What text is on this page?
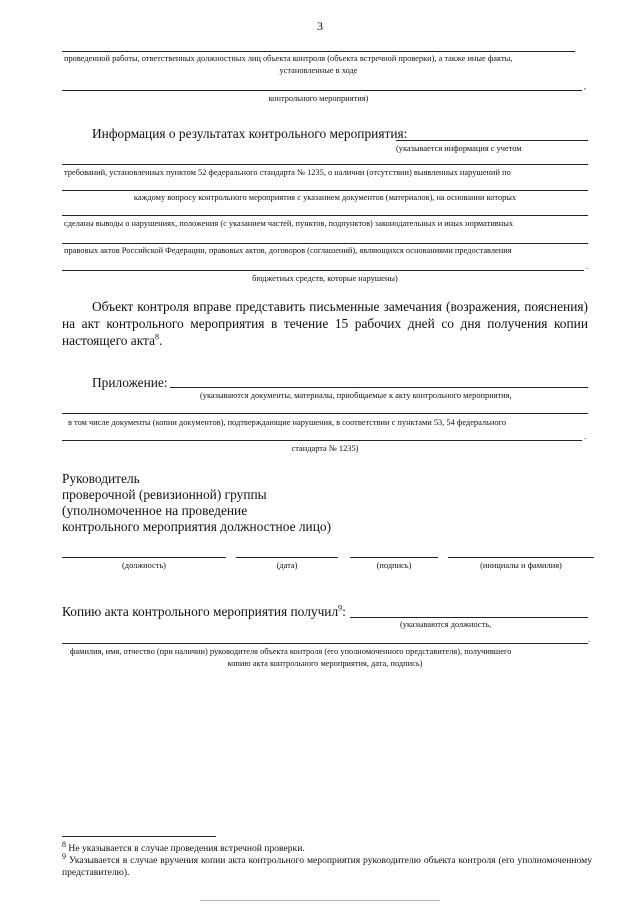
3
проведенной работы, ответственных должностных лиц объекта контроля (объекта встречной проверки), а также иные факты,
установленные в ходе
,
контрольного мероприятия)
Информация о результатах контрольного мероприятия:
(указывается информация с учетом
требований, установленных пунктом 52 федерального стандарта № 1235, о наличии (отсутствии) выявленных нарушений по
каждому вопросу контрольного мероприятия с указанием документов (материалов), на основании которых
сделаны выводы о нарушениях, положения (с указанием частей, пунктов, подпунктов) законодательных и иных нормативных
правовых актов Российской Федерации, правовых актов, договоров (соглашений), являющихся основаниями предоставления
.
бюджетных средств, которые нарушены)
Объект контроля вправе представить письменные замечания (возражения, пояснения) на акт контрольного мероприятия в течение 15 рабочих дней со дня получения копии настоящего акта$^8$.
Приложение:
(указываются документы, материалы, приобщаемые к акту контрольного мероприятия,
в том числе документы (копии документов), подтверждающие нарушения, в соответствии с пунктами 53, 54 федерального
.
стандарта № 1235)
Руководитель
проверочной (ревизионной) группы
(уполномоченное на проведение
контрольного мероприятия должностное лицо)
(должность)	(дата)	(подпись)	(инициалы и фамилия)
Копию акта контрольного мероприятия получил$^9$:
(указываются должность,
.
фамилия, имя, отчество (при наличии) руководителя объекта контроля (его уполномоченного представителя), получившего
копию акта контрольного мероприятия, дата, подпись)
$^8$ Не указывается в случае проведения встречной проверки.
$^9$ Указывается в случае вручения копии акта контрольного мероприятия руководителю объекта контроля (его уполномоченному представителю).
